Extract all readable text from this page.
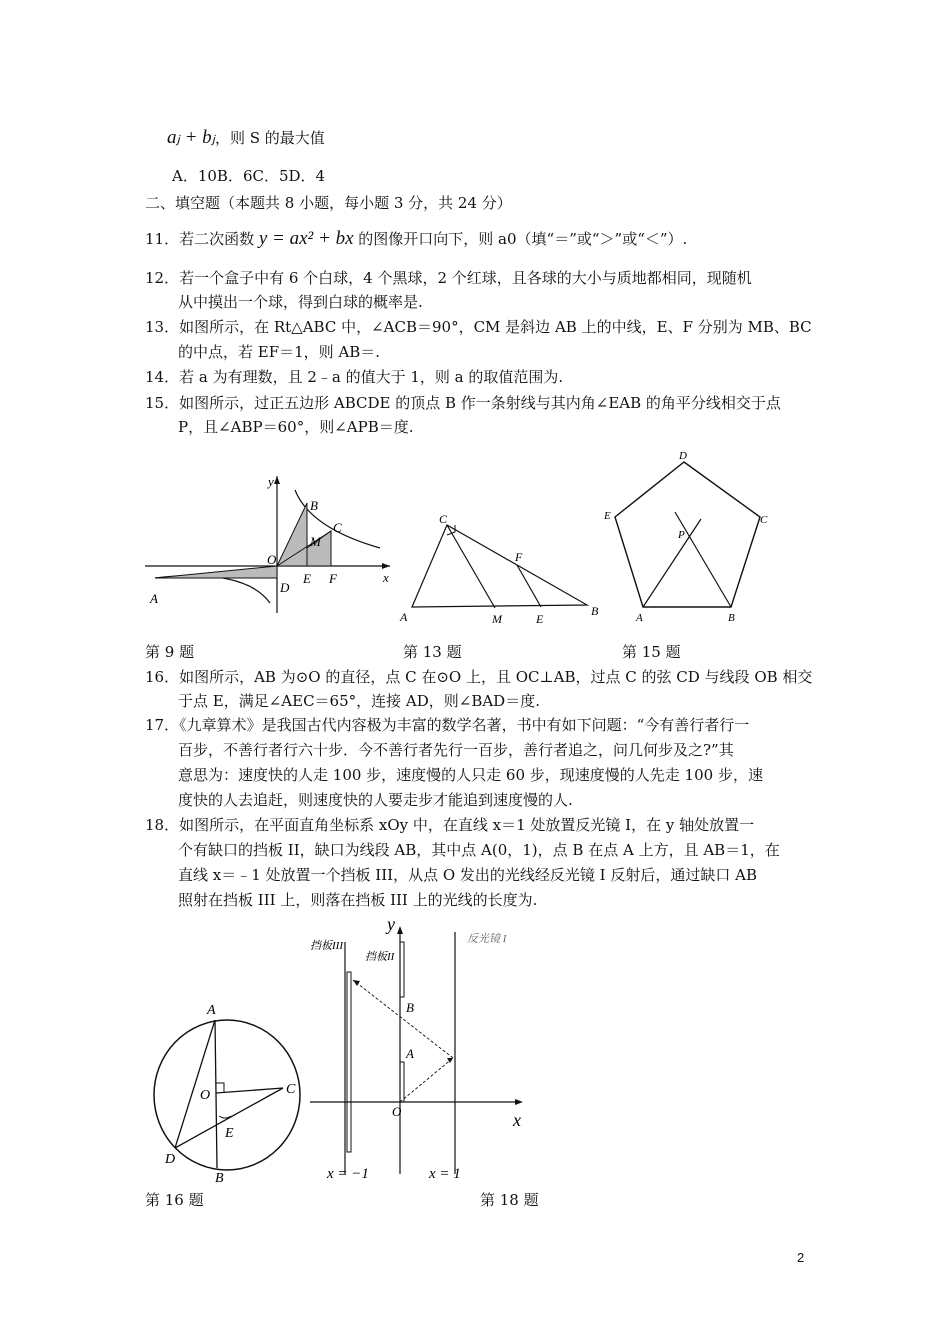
aⱼ + bⱼ，则 S 的最大值
A．10B．6C．5D．4
二、填空题（本题共 8 小题，每小题 3 分，共 24 分）
11．若二次函数 y = ax² + bx 的图像开口向下，则 a0（填“＝”或“＞”或“＜”）.
12．若一个盒子中有 6 个白球，4 个黑球，2 个红球，且各球的大小与质地都相同，现随机
从中摸出一个球，得到白球的概率是.
13．如图所示，在 Rt△ABC 中，∠ACB＝90°，CM 是斜边 AB 上的中线，E、F 分别为 MB、BC
的中点，若 EF＝1，则 AB＝.
14．若 a 为有理数，且 2﹣a 的值大于 1，则 a 的取值范围为.
15．如图所示，过正五边形 ABCDE 的顶点 B 作一条射线与其内角∠EAB 的角平分线相交于点
P，且∠ABP＝60°，则∠APB＝度.
y
x
B
C
M
O
D
E F
A
C
F
A	M	E
B
D
E	C
P
A	B
第 9 题	第 13 题	第 15 题
16．如图所示，AB 为⊙O 的直径，点 C 在⊙O 上，且 OC⊥AB，过点 C 的弦 CD 与线段 OB 相交
于点 E，满足∠AEC＝65°，连接 AD，则∠BAD＝度.
17．《九章算术》是我国古代内容极为丰富的数学名著，书中有如下问题：“今有善行者行一
百步，不善行者行六十步．今不善行者先行一百步，善行者追之，问几何步及之?”其
意思为：速度快的人走 100 步，速度慢的人只走 60 步，现速度慢的人先走 100 步，速
度快的人去追赶，则速度快的人要走步才能追到速度慢的人.
18．如图所示，在平面直角坐标系 xOy 中，在直线 x＝1 处放置反光镜 I，在 y 轴处放置一
个有缺口的挡板 II，缺口为线段 AB，其中点 A(0，1)，点 B 在点 A 上方，且 AB＝1，在
直线 x＝﹣1 处放置一个挡板 III，从点 O 发出的光线经反光镜 I 反射后，通过缺口 AB
照射在挡板 III 上，则落在挡板 III 上的光线的长度为.
A
O	C
E
D
B
y
挡板III
挡板II
反光镜 I
B
A
O	x
x = −1	x = 1
第 16 题	第 18 题
2
